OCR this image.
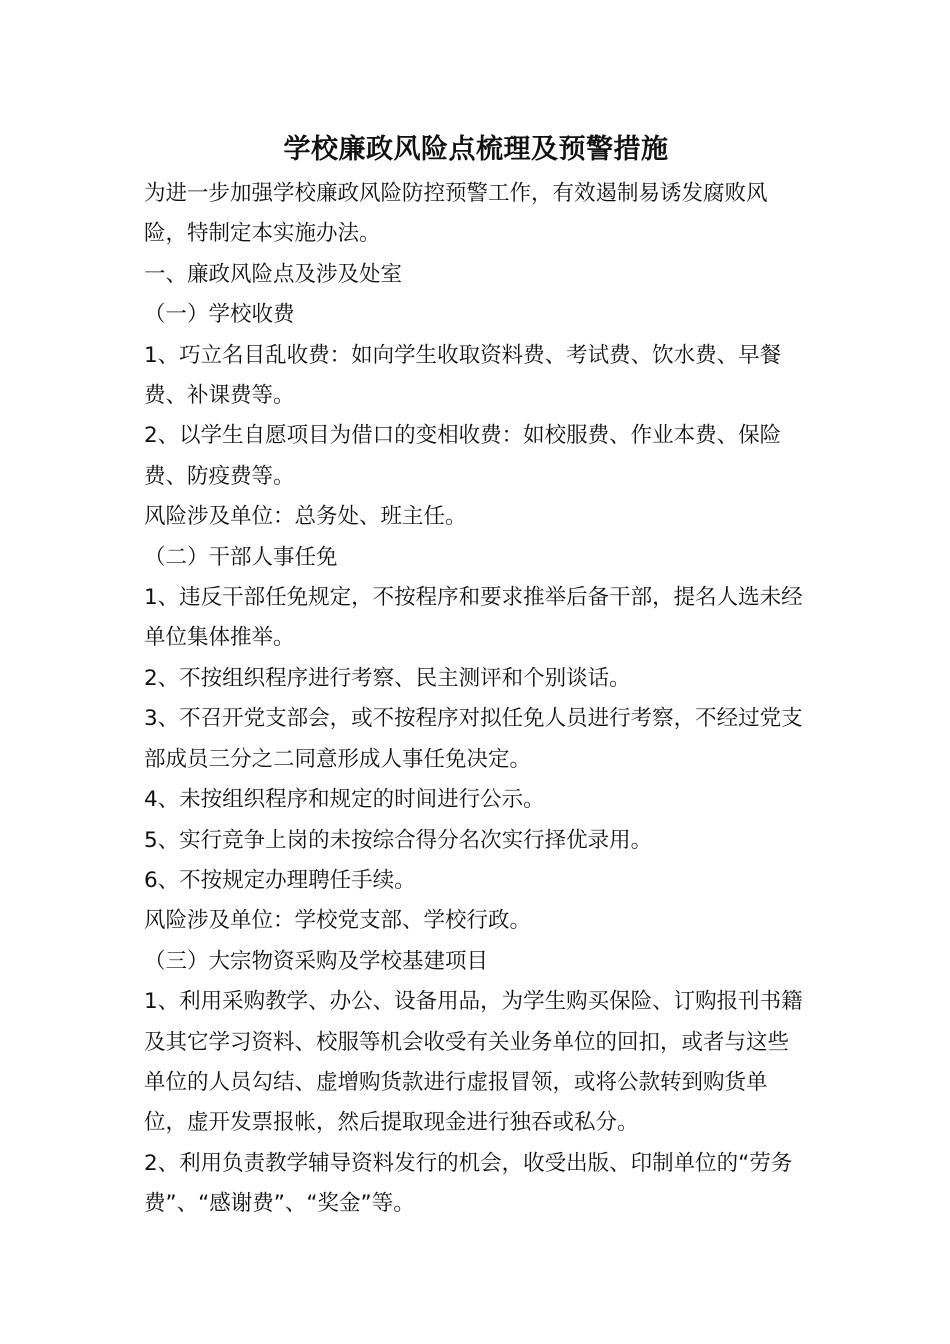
学校廉政风险点梳理及预警措施

为进一步加强学校廉政风险防控预警工作，有效遏制易诱发腐败风险，特制定本实施办法。

一、廉政风险点及涉及处室

（一）学校收费

1、巧立名目乱收费：如向学生收取资料费、考试费、饮水费、早餐费、补课费等。

2、以学生自愿项目为借口的变相收费：如校服费、作业本费、保险费、防疫费等。

风险涉及单位：总务处、班主任。

（二）干部人事任免

1、违反干部任免规定，不按程序和要求推举后备干部，提名人选未经单位集体推举。

2、不按组织程序进行考察、民主测评和个别谈话。

3、不召开党支部会，或不按程序对拟任免人员进行考察，不经过党支部成员三分之二同意形成人事任免决定。

4、未按组织程序和规定的时间进行公示。

5、实行竞争上岗的未按综合得分名次实行择优录用。

6、不按规定办理聘任手续。

风险涉及单位：学校党支部、学校行政。

（三）大宗物资采购及学校基建项目

1、利用采购教学、办公、设备用品，为学生购买保险、订购报刊书籍及其它学习资料、校服等机会收受有关业务单位的回扣，或者与这些单位的人员勾结、虚增购货款进行虚报冒领，或将公款转到购货单位，虚开发票报帐，然后提取现金进行独吞或私分。

2、利用负责教学辅导资料发行的机会，收受出版、印制单位的“劳务费”、“感谢费”、“奖金”等。
